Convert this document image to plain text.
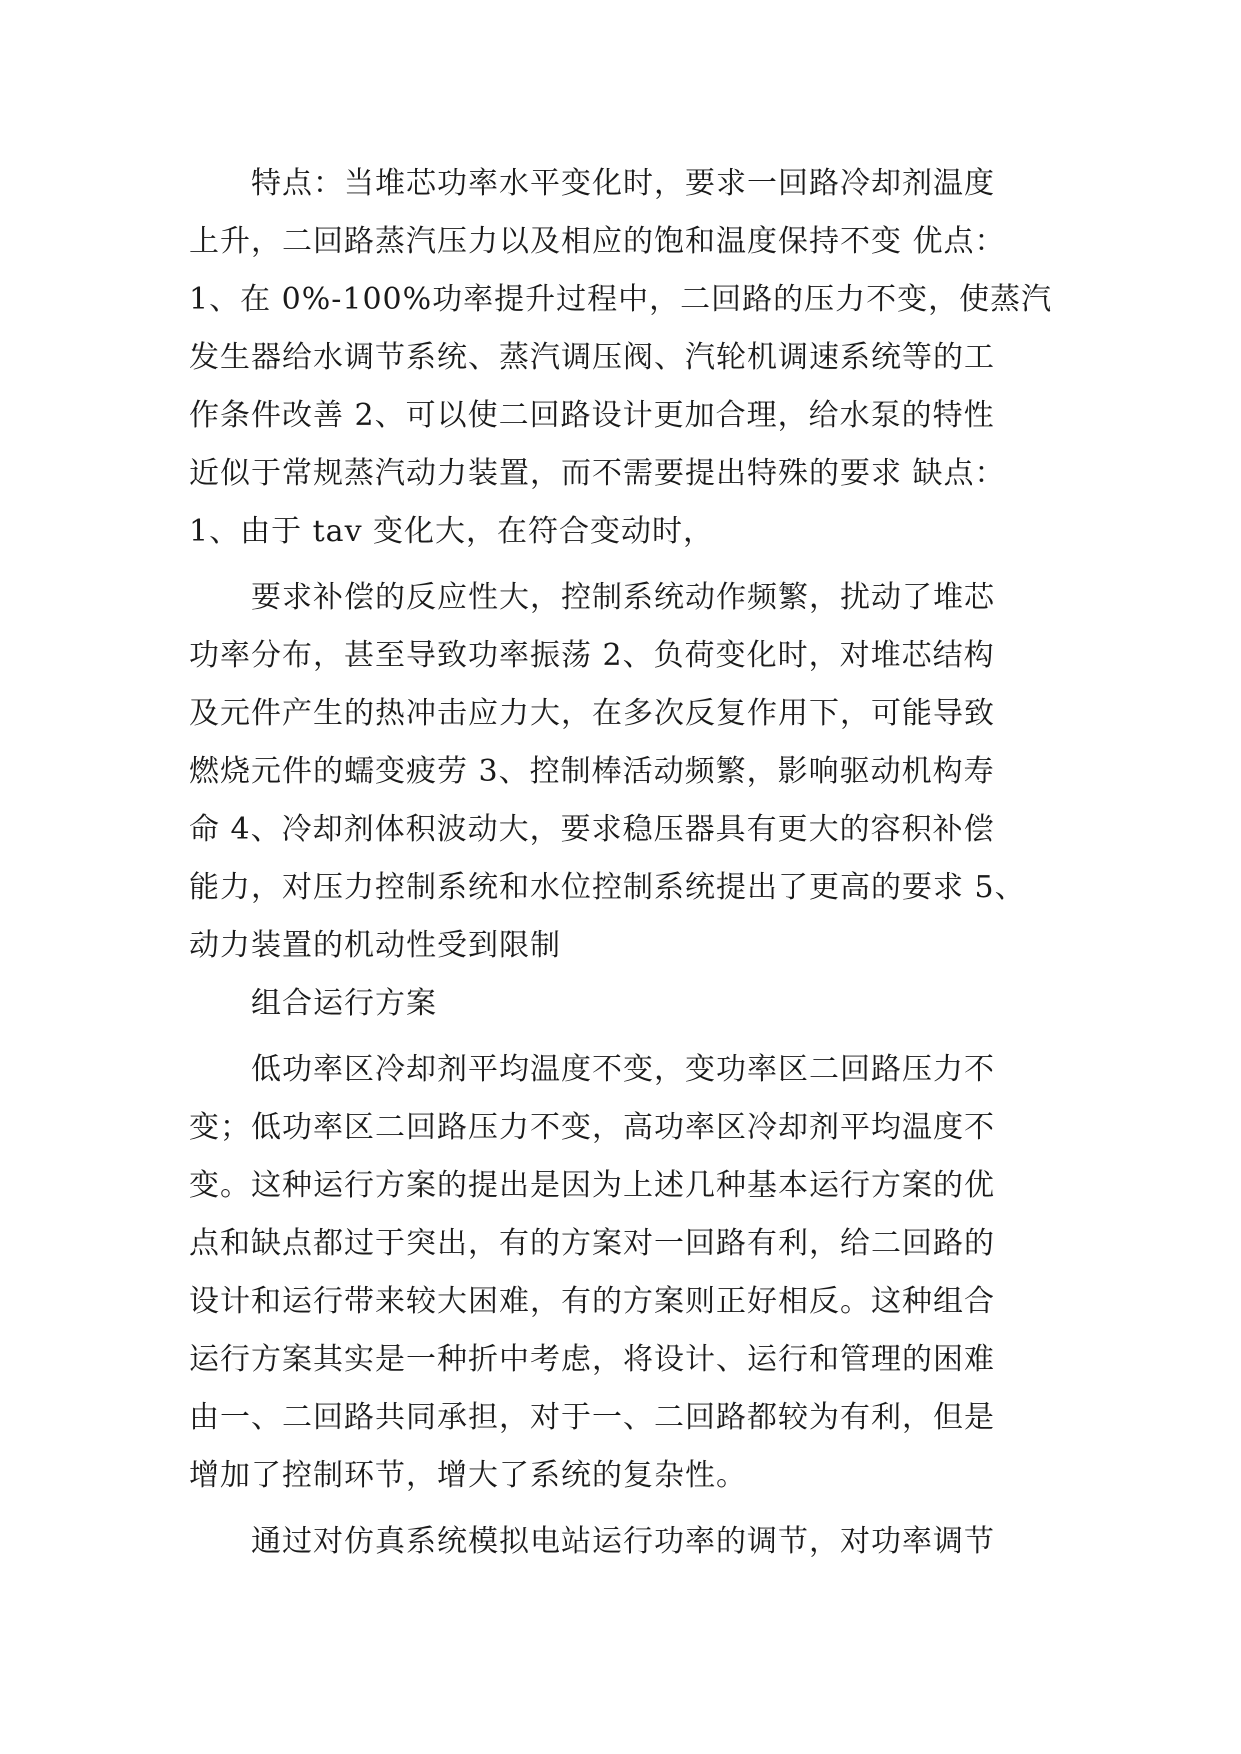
特点：当堆芯功率水平变化时，要求一回路冷却剂温度
上升，二回路蒸汽压力以及相应的饱和温度保持不变 优点：
1、在 0%-100%功率提升过程中，二回路的压力不变，使蒸汽
发生器给水调节系统、蒸汽调压阀、汽轮机调速系统等的工
作条件改善 2、可以使二回路设计更加合理，给水泵的特性
近似于常规蒸汽动力装置，而不需要提出特殊的要求 缺点：
1、由于 tav 变化大，在符合变动时，
要求补偿的反应性大，控制系统动作频繁，扰动了堆芯
功率分布，甚至导致功率振荡 2、负荷变化时，对堆芯结构
及元件产生的热冲击应力大，在多次反复作用下，可能导致
燃烧元件的蠕变疲劳 3、控制棒活动频繁，影响驱动机构寿
命 4、冷却剂体积波动大，要求稳压器具有更大的容积补偿
能力，对压力控制系统和水位控制系统提出了更高的要求 5、
动力装置的机动性受到限制
组合运行方案
低功率区冷却剂平均温度不变，变功率区二回路压力不
变；低功率区二回路压力不变，高功率区冷却剂平均温度不
变。这种运行方案的提出是因为上述几种基本运行方案的优
点和缺点都过于突出，有的方案对一回路有利，给二回路的
设计和运行带来较大困难，有的方案则正好相反。这种组合
运行方案其实是一种折中考虑，将设计、运行和管理的困难
由一、二回路共同承担，对于一、二回路都较为有利，但是
增加了控制环节，增大了系统的复杂性。
通过对仿真系统模拟电站运行功率的调节，对功率调节
